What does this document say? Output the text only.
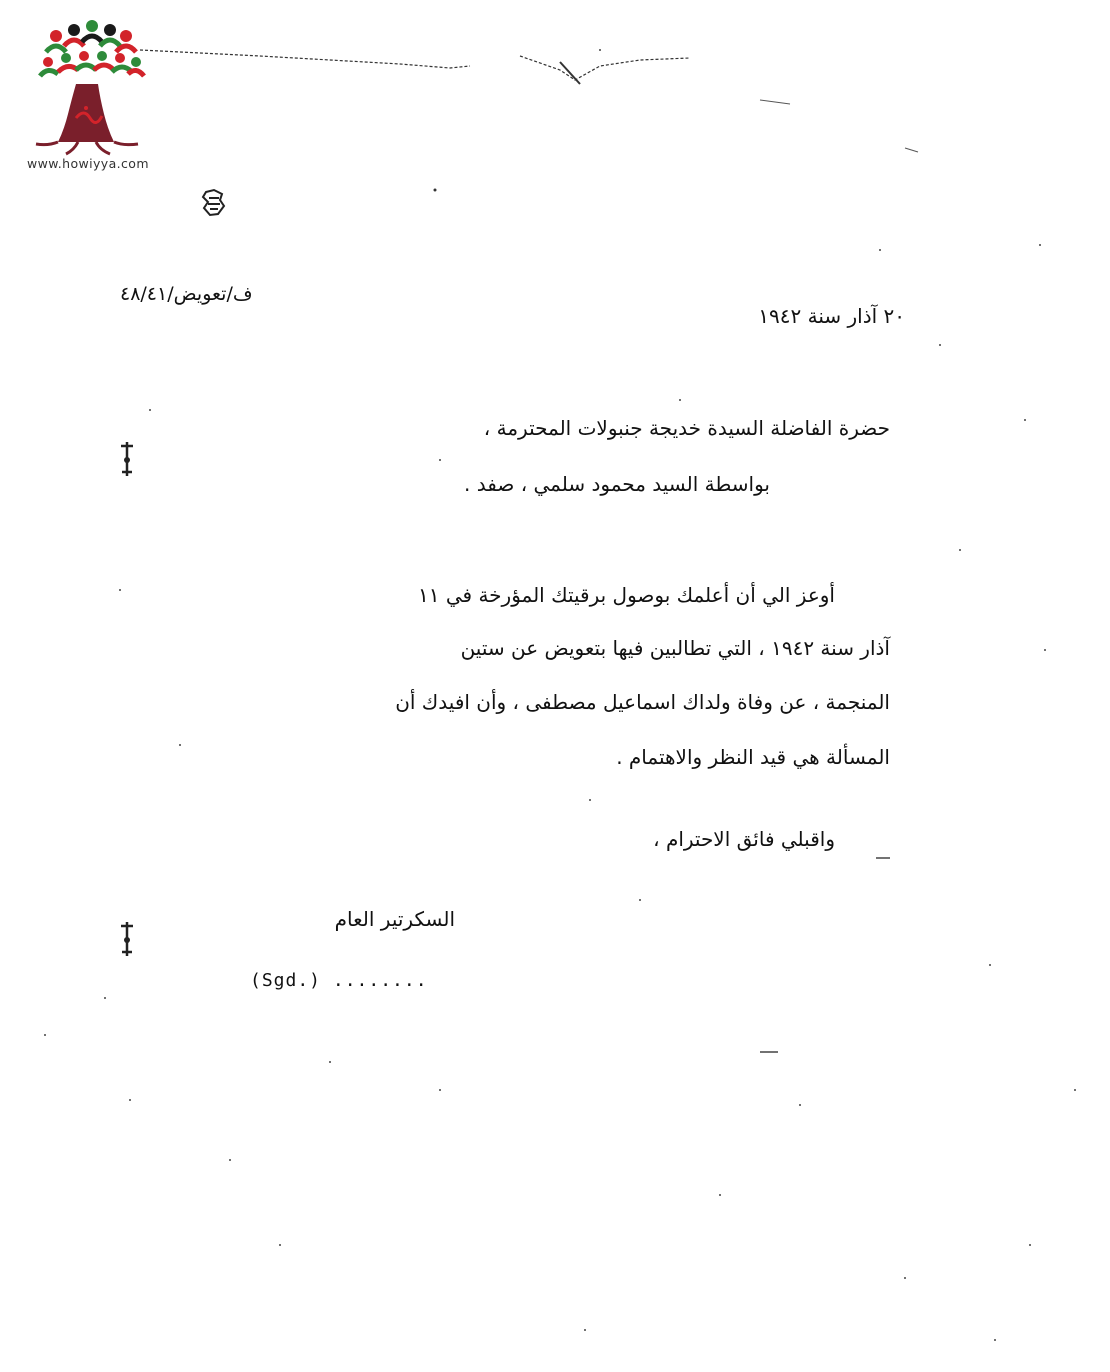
www.howiyya.com
ف/تعويض/٤٨/٤١
٢٠ آذار سنة ١٩٤٢
حضرة الفاضلة السيدة خديجة جنبولات المحترمة ،
بواسطة السيد محمود سلمي ، صفد .
أوعز الي أن أعلمك بوصول برقيتك المؤرخة في ١١
آذار سنة ١٩٤٢ ، التي تطالبين فيها بتعويض عن ستين
المنجمة ، عن وفاة ولداك اسماعيل مصطفى ، وأن افيدك أن
المسألة هي قيد النظر والاهتمام .
واقبلي فائق الاحترام ،
السكرتير العام
(Sgd.) ........
